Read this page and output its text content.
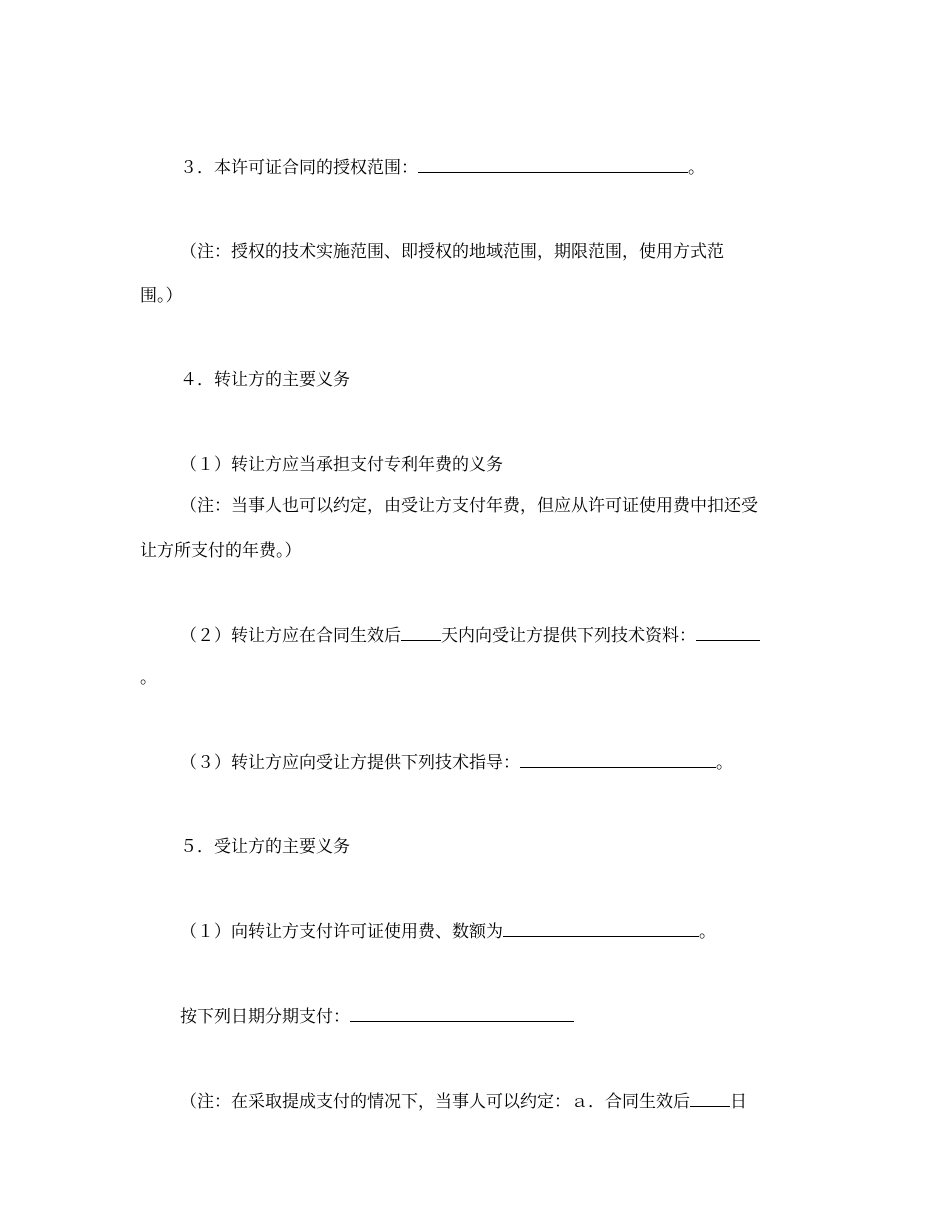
３．本许可证合同的授权范围：	。
（注：授权的技术实施范围、即授权的地域范围，期限范围，使用方式范
围。）
４．转让方的主要义务
（１）转让方应当承担支付专利年费的义务
（注：当事人也可以约定，由受让方支付年费，但应从许可证使用费中扣还受
让方所支付的年费。）
（２）转让方应在合同生效后 天内向受让方提供下列技术资料：
。
（３）转让方应向受让方提供下列技术指导：	。
５．受让方的主要义务
（１）向转让方支付许可证使用费、数额为	。
按下列日期分期支付：
（注：在采取提成支付的情况下，当事人可以约定：ａ．合同生效后 日
